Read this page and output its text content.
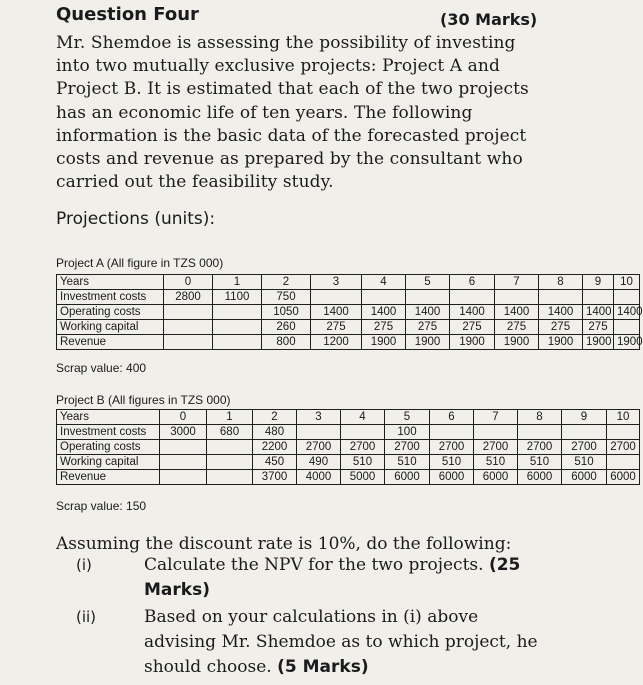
Question Four	(30 Marks)
Mr. Shemdoe is assessing the possibility of investing
into two mutually exclusive projects: Project A and
Project B. It is estimated that each of the two projects
has an economic life of ten years. The following
information is the basic data of the forecasted project
costs and revenue as prepared by the consultant who
carried out the feasibility study.
Projections (units):
Project A (All figure in TZS 000)
Years	0	1	2	3	4	5	6	7	8	9	10
Investment costs	2800	1100	750								
Operating costs			1050	1400	1400	1400	1400	1400	1400	1400	1400
Working capital			260	275	275	275	275	275	275	275	
Revenue			800	1200	1900	1900	1900	1900	1900	1900	1900
Scrap value: 400
Project B (All figures in TZS 000)
Years	0	1	2	3	4	5	6	7	8	9	10
Investment costs	3000	680	480			100					
Operating costs			2200	2700	2700	2700	2700	2700	2700	2700	2700
Working capital			450	490	510	510	510	510	510	510	
Revenue			3700	4000	5000	6000	6000	6000	6000	6000	6000
Scrap value: 150
Assuming the discount rate is 10%, do the following:
(i)	Calculate the NPV for the two projects. (25
Marks)
(ii)	Based on your calculations in (i) above
advising Mr. Shemdoe as to which project, he
should choose. (5 Marks)
